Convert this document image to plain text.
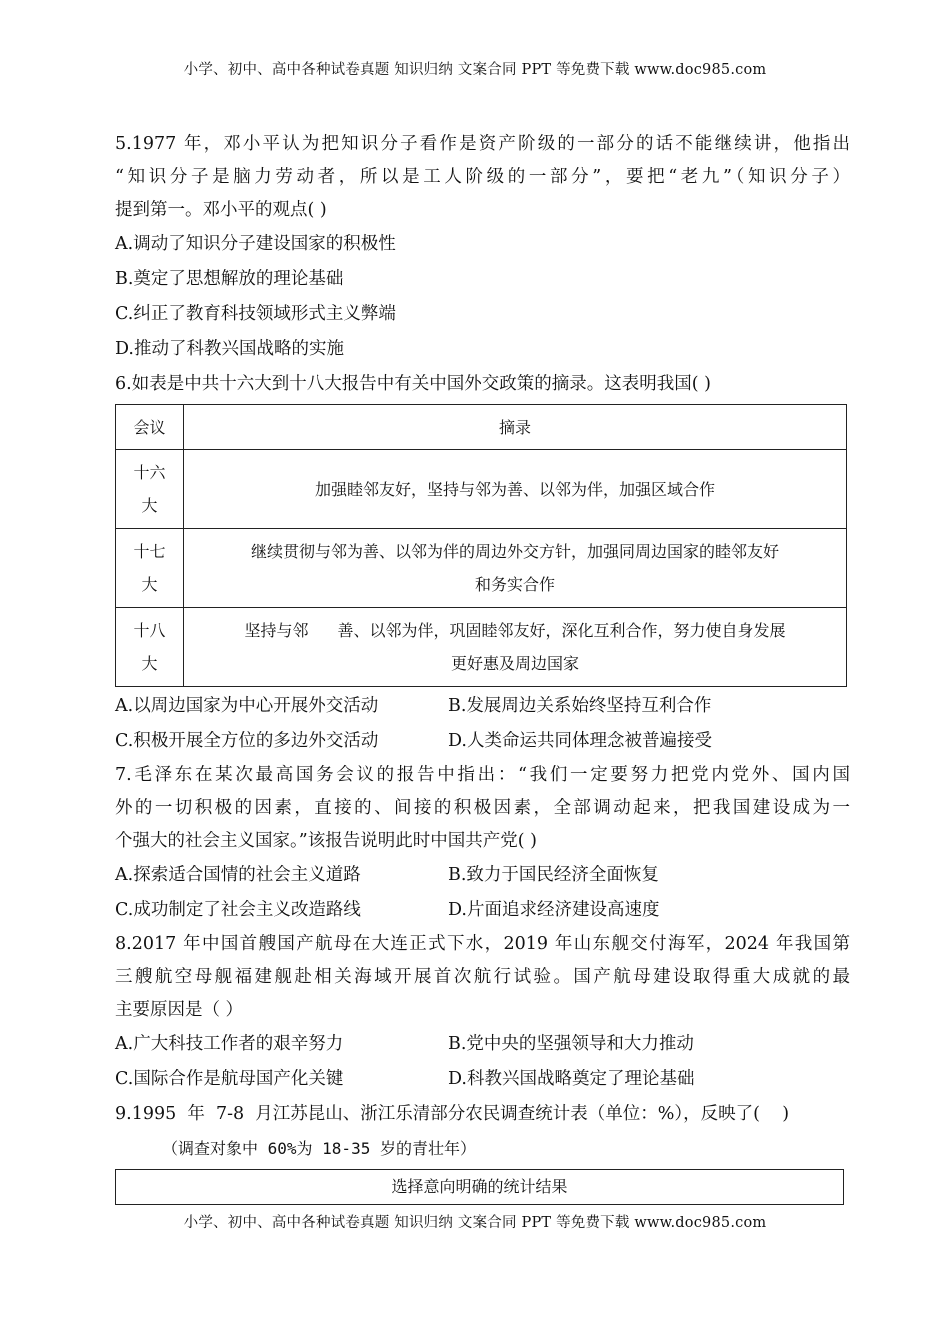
小学、初中、高中各种试卷真题 知识归纳 文案合同 PPT 等免费下载 www.doc985.com
5.1977 年，邓小平认为把知识分子看作是资产阶级的一部分的话不能继续讲，他指出
“知识分子是脑力劳动者，所以是工人阶级的一部分”，要把“老九”（知识分子）
提到第一。邓小平的观点( )
A.调动了知识分子建设国家的积极性
B.奠定了思想解放的理论基础
C.纠正了教育科技领域形式主义弊端
D.推动了科教兴国战略的实施
6.如表是中共十六大到十八大报告中有关中国外交政策的摘录。这表明我国( )
会议	摘录

十六
大	加强睦邻友好，坚持与邻为善、以邻为伴，加强区域合作

十七
大	继续贯彻与邻为善、以邻为伴的周边外交方针，加强同周边国家的睦邻友好
和务实合作

十八
大	坚持与邻   善、以邻为伴，巩固睦邻友好，深化互利合作，努力使自身发展
更好惠及周边国家
A.以周边国家为中心开展外交活动	B.发展周边关系始终坚持互利合作
C.积极开展全方位的多边外交活动	D.人类命运共同体理念被普遍接受
7.毛泽东在某次最高国务会议的报告中指出：“我们一定要努力把党内党外、国内国
外的一切积极的因素，直接的、间接的积极因素，全部调动起来，把我国建设成为一
个强大的社会主义国家。”该报告说明此时中国共产党( )
A.探索适合国情的社会主义道路	B.致力于国民经济全面恢复
C.成功制定了社会主义改造路线	D.片面追求经济建设高速度
8.2017 年中国首艘国产航母在大连正式下水，2019 年山东舰交付海军，2024 年我国第
三艘航空母舰福建舰赴相关海域开展首次航行试验。国产航母建设取得重大成就的最
主要原因是（ ）
A.广大科技工作者的艰辛努力	B.党中央的坚强领导和大力推动
C.国际合作是航母国产化关键	D.科教兴国战略奠定了理论基础
9.1995  年  7-8  月江苏昆山、浙江乐清部分农民调查统计表（单位：%），反映了(    )
（调查对象中 60%为 18-35 岁的青壮年）
选择意向明确的统计结果
小学、初中、高中各种试卷真题 知识归纳 文案合同 PPT 等免费下载 www.doc985.com
